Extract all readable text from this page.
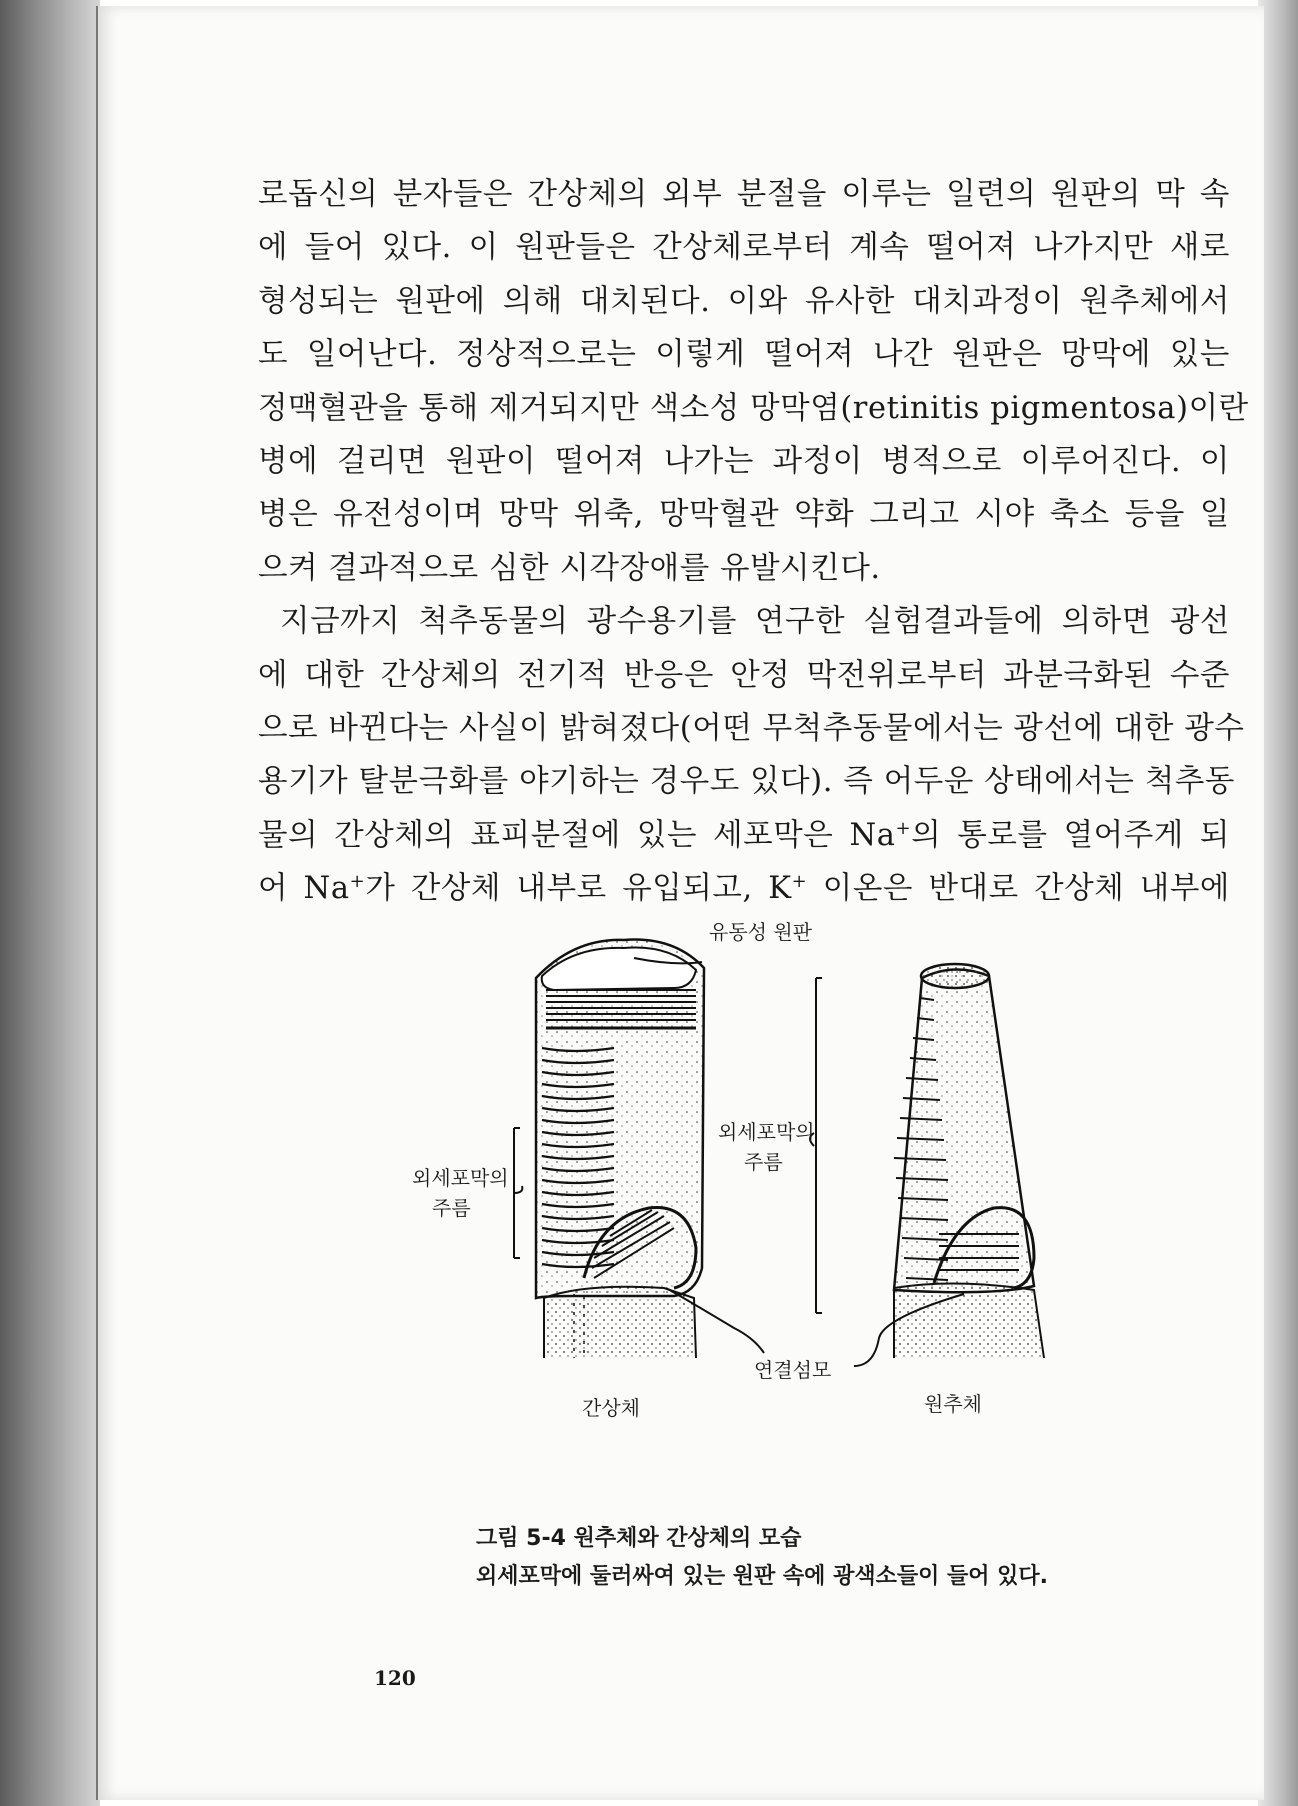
로돕신의 분자들은 간상체의 외부 분절을 이루는 일련의 원판의 막 속
에 들어 있다. 이 원판들은 간상체로부터 계속 떨어져 나가지만 새로
형성되는 원판에 의해 대치된다. 이와 유사한 대치과정이 원추체에서
도 일어난다. 정상적으로는 이렇게 떨어져 나간 원판은 망막에 있는
정맥혈관을 통해 제거되지만 색소성 망막염(retinitis pigmentosa)이란
병에 걸리면 원판이 떨어져 나가는 과정이 병적으로 이루어진다. 이
병은 유전성이며 망막 위축, 망막혈관 약화 그리고 시야 축소 등을 일

으켜 결과적으로 심한 시각장애를 유발시킨다.

지금까지 척추동물의 광수용기를 연구한 실험결과들에 의하면 광선
에 대한 간상체의 전기적 반응은 안정 막전위로부터 과분극화된 수준
으로 바뀐다는 사실이 밝혀졌다(어떤 무척추동물에서는 광선에 대한 광수
용기가 탈분극화를 야기하는 경우도 있다). 즉 어두운 상태에서는 척추동
물의 간상체의 표피분절에 있는 세포막은 Na+의 통로를 열어주게 되

어 Na+가 간상체 내부로 유입되고, K+ 이온은 반대로 간상체 내부에

유동성 원판
외세포막의
주름
외세포막의
주름
연결섬모
간상체	원추체
그림 5-4 원추체와 간상체의 모습
외세포막에 둘러싸여 있는 원판 속에 광색소들이 들어 있다.
120
